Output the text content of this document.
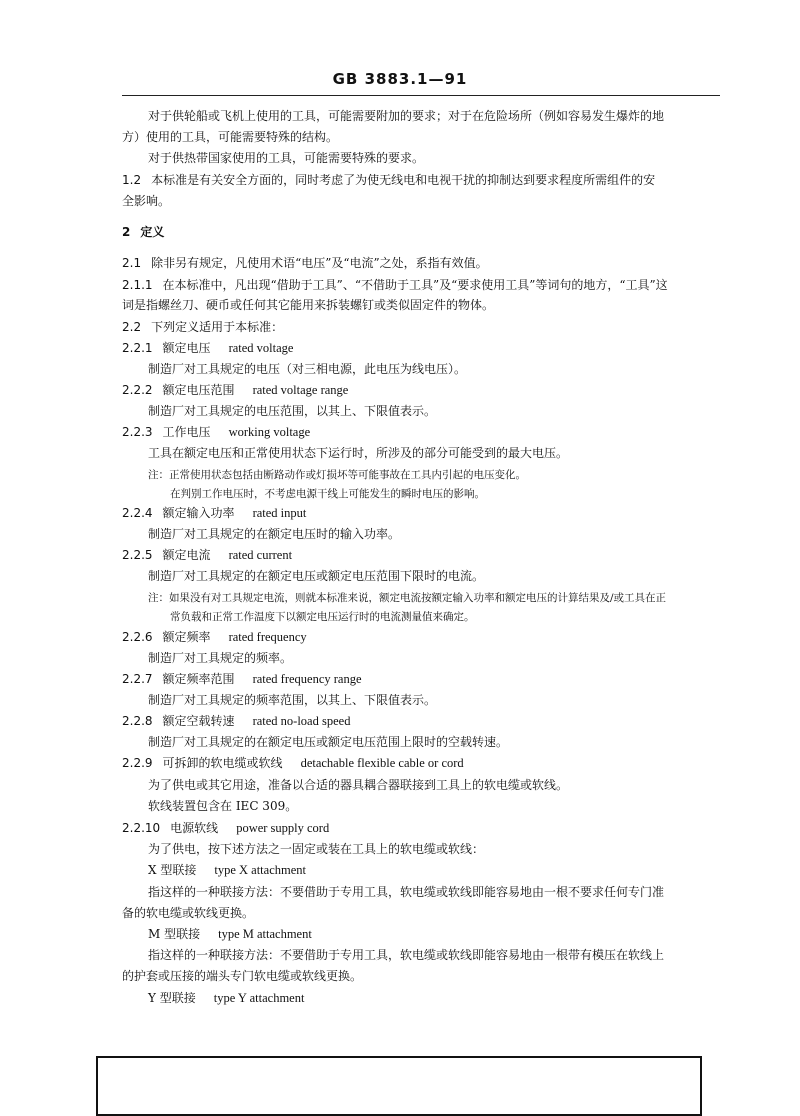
GB 3883.1—91
对于供轮船或飞机上使用的工具，可能需要附加的要求；对于在危险场所（例如容易发生爆炸的地
方）使用的工具，可能需要特殊的结构。
对于供热带国家使用的工具，可能需要特殊的要求。
1.2 本标准是有关安全方面的，同时考虑了为使无线电和电视干扰的抑制达到要求程度所需组件的安
全影响。
2 定义
2.1 除非另有规定，凡使用术语“电压”及“电流”之处，系指有效值。
2.1.1 在本标准中，凡出现“借助于工具”、“不借助于工具”及“要求使用工具”等词句的地方，“工具”这
词是指螺丝刀、硬币或任何其它能用来拆装螺钉或类似固定件的物体。
2.2 下列定义适用于本标准：
2.2.1 额定电压 rated voltage
制造厂对工具规定的电压（对三相电源，此电压为线电压）。
2.2.2 额定电压范围 rated voltage range
制造厂对工具规定的电压范围，以其上、下限值表示。
2.2.3 工作电压 working voltage
工具在额定电压和正常使用状态下运行时，所涉及的部分可能受到的最大电压。
注：正常使用状态包括由断路动作或灯损坏等可能事故在工具内引起的电压变化。
在判别工作电压时，不考虑电源干线上可能发生的瞬时电压的影响。
2.2.4 额定输入功率 rated input
制造厂对工具规定的在额定电压时的输入功率。
2.2.5 额定电流 rated current
制造厂对工具规定的在额定电压或额定电压范围下限时的电流。
注：如果没有对工具规定电流，则就本标准来说，额定电流按额定输入功率和额定电压的计算结果及/或工具在正
常负载和正常工作温度下以额定电压运行时的电流测量值来确定。
2.2.6 额定频率 rated frequency
制造厂对工具规定的频率。
2.2.7 额定频率范围 rated frequency range
制造厂对工具规定的频率范围，以其上、下限值表示。
2.2.8 额定空载转速 rated no-load speed
制造厂对工具规定的在额定电压或额定电压范围上限时的空载转速。
2.2.9 可拆卸的软电缆或软线 detachable flexible cable or cord
为了供电或其它用途，准备以合适的器具耦合器联接到工具上的软电缆或软线。
软线装置包含在 IEC 309。
2.2.10 电源软线 power supply cord
为了供电，按下述方法之一固定或装在工具上的软电缆或软线：
X 型联接 type X attachment
指这样的一种联接方法：不要借助于专用工具，软电缆或软线即能容易地由一根不要求任何专门准
备的软电缆或软线更换。
M 型联接 type M attachment
指这样的一种联接方法：不要借助于专用工具，软电缆或软线即能容易地由一根带有模压在软线上
的护套或压接的端头专门软电缆或软线更换。
Y 型联接 type Y attachment
